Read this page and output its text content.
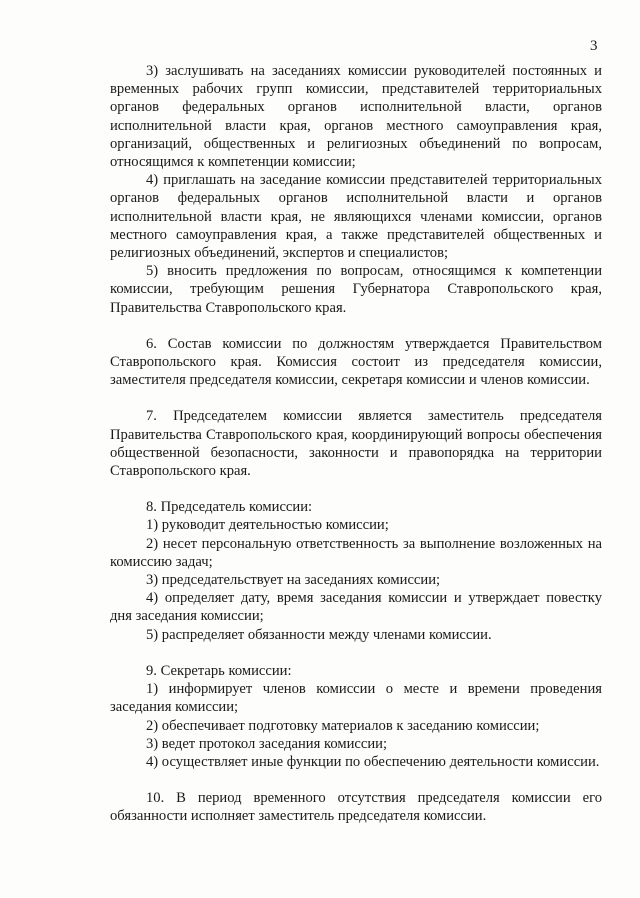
3

3) заслушивать на заседаниях комиссии руководителей постоянных и временных рабочих групп комиссии, представителей территориальных органов федеральных органов исполнительной власти, органов исполнительной власти края, органов местного самоуправления края, организаций, общественных и религиозных объединений по вопросам, относящимся к компетенции комиссии;

4) приглашать на заседание комиссии представителей территориальных органов федеральных органов исполнительной власти и органов исполнительной власти края, не являющихся членами комиссии, органов местного самоуправления края, а также представителей общественных и религиозных объединений, экспертов и специалистов;

5) вносить предложения по вопросам, относящимся к компетенции комиссии, требующим решения Губернатора Ставропольского края, Правительства Ставропольского края.

6. Состав комиссии по должностям утверждается Правительством Ставропольского края. Комиссия состоит из председателя комиссии, заместителя председателя комиссии, секретаря комиссии и членов комиссии.

7. Председателем комиссии является заместитель председателя Правительства Ставропольского края, координирующий вопросы обеспечения общественной безопасности, законности и правопорядка на территории Ставропольского края.

8. Председатель комиссии:

1) руководит деятельностью комиссии;

2) несет персональную ответственность за выполнение возложенных на комиссию задач;

3) председательствует на заседаниях комиссии;

4) определяет дату, время заседания комиссии и утверждает повестку дня заседания комиссии;

5) распределяет обязанности между членами комиссии.

9. Секретарь комиссии:

1) информирует членов комиссии о месте и времени проведения заседания комиссии;

2) обеспечивает подготовку материалов к заседанию комиссии;

3) ведет протокол заседания комиссии;

4) осуществляет иные функции по обеспечению деятельности комиссии.

10. В период временного отсутствия председателя комиссии его обязанности исполняет заместитель председателя комиссии.
